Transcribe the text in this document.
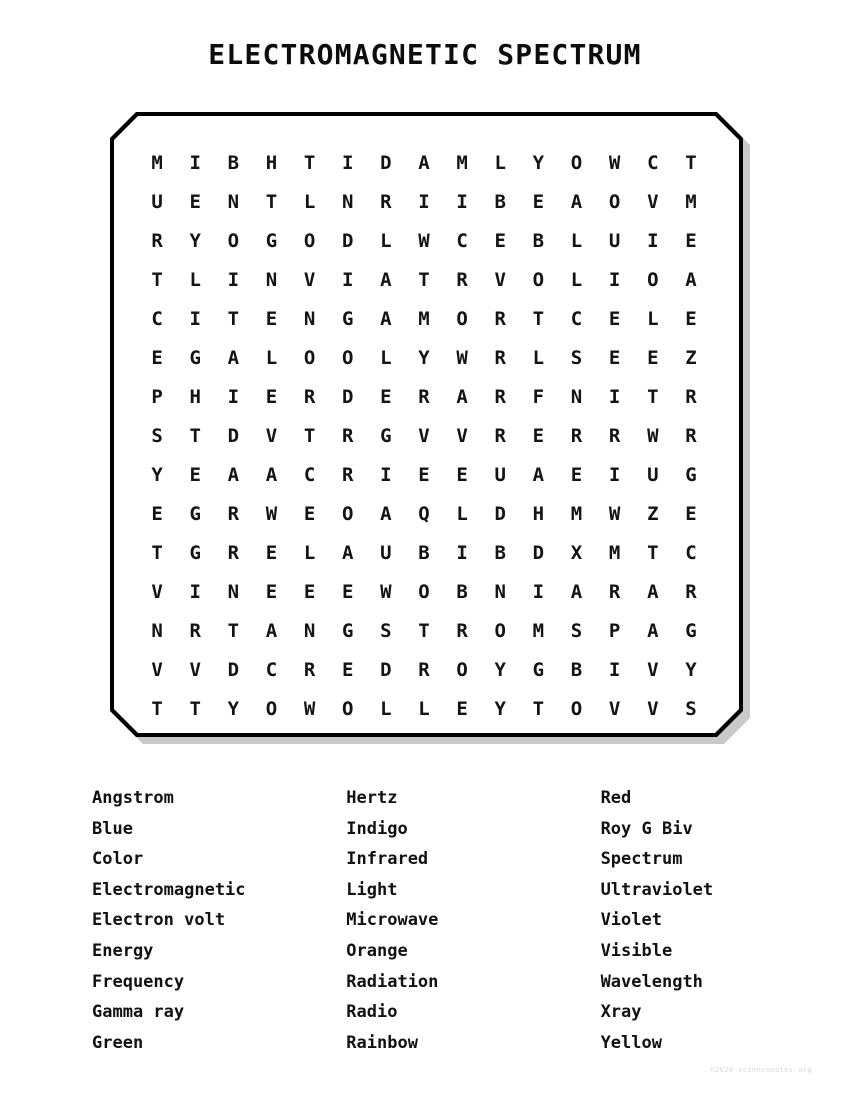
ELECTROMAGNETIC SPECTRUM
M	I	B	H	T	I	D	A	M	L	Y	O	W	C	T
U	E	N	T	L	N	R	I	I	B	E	A	O	V	M
R	Y	O	G	O	D	L	W	C	E	B	L	U	I	E
T	L	I	N	V	I	A	T	R	V	O	L	I	O	A
C	I	T	E	N	G	A	M	O	R	T	C	E	L	E
E	G	A	L	O	O	L	Y	W	R	L	S	E	E	Z
P	H	I	E	R	D	E	R	A	R	F	N	I	T	R
S	T	D	V	T	R	G	V	V	R	E	R	R	W	R
Y	E	A	A	C	R	I	E	E	U	A	E	I	U	G
E	G	R	W	E	O	A	Q	L	D	H	M	W	Z	E
T	G	R	E	L	A	U	B	I	B	D	X	M	T	C
V	I	N	E	E	E	W	O	B	N	I	A	R	A	R
N	R	T	A	N	G	S	T	R	O	M	S	P	A	G
V	V	D	C	R	E	D	R	O	Y	G	B	I	V	Y
T	T	Y	O	W	O	L	L	E	Y	T	O	V	V	S
Angstrom
Blue
Color
Electromagnetic
Electron volt
Energy
Frequency
Gamma ray
Green
Hertz
Indigo
Infrared
Light
Microwave
Orange
Radiation
Radio
Rainbow
Red
Roy G Biv
Spectrum
Ultraviolet
Violet
Visible
Wavelength
Xray
Yellow
©2020 sciencenotes.org
